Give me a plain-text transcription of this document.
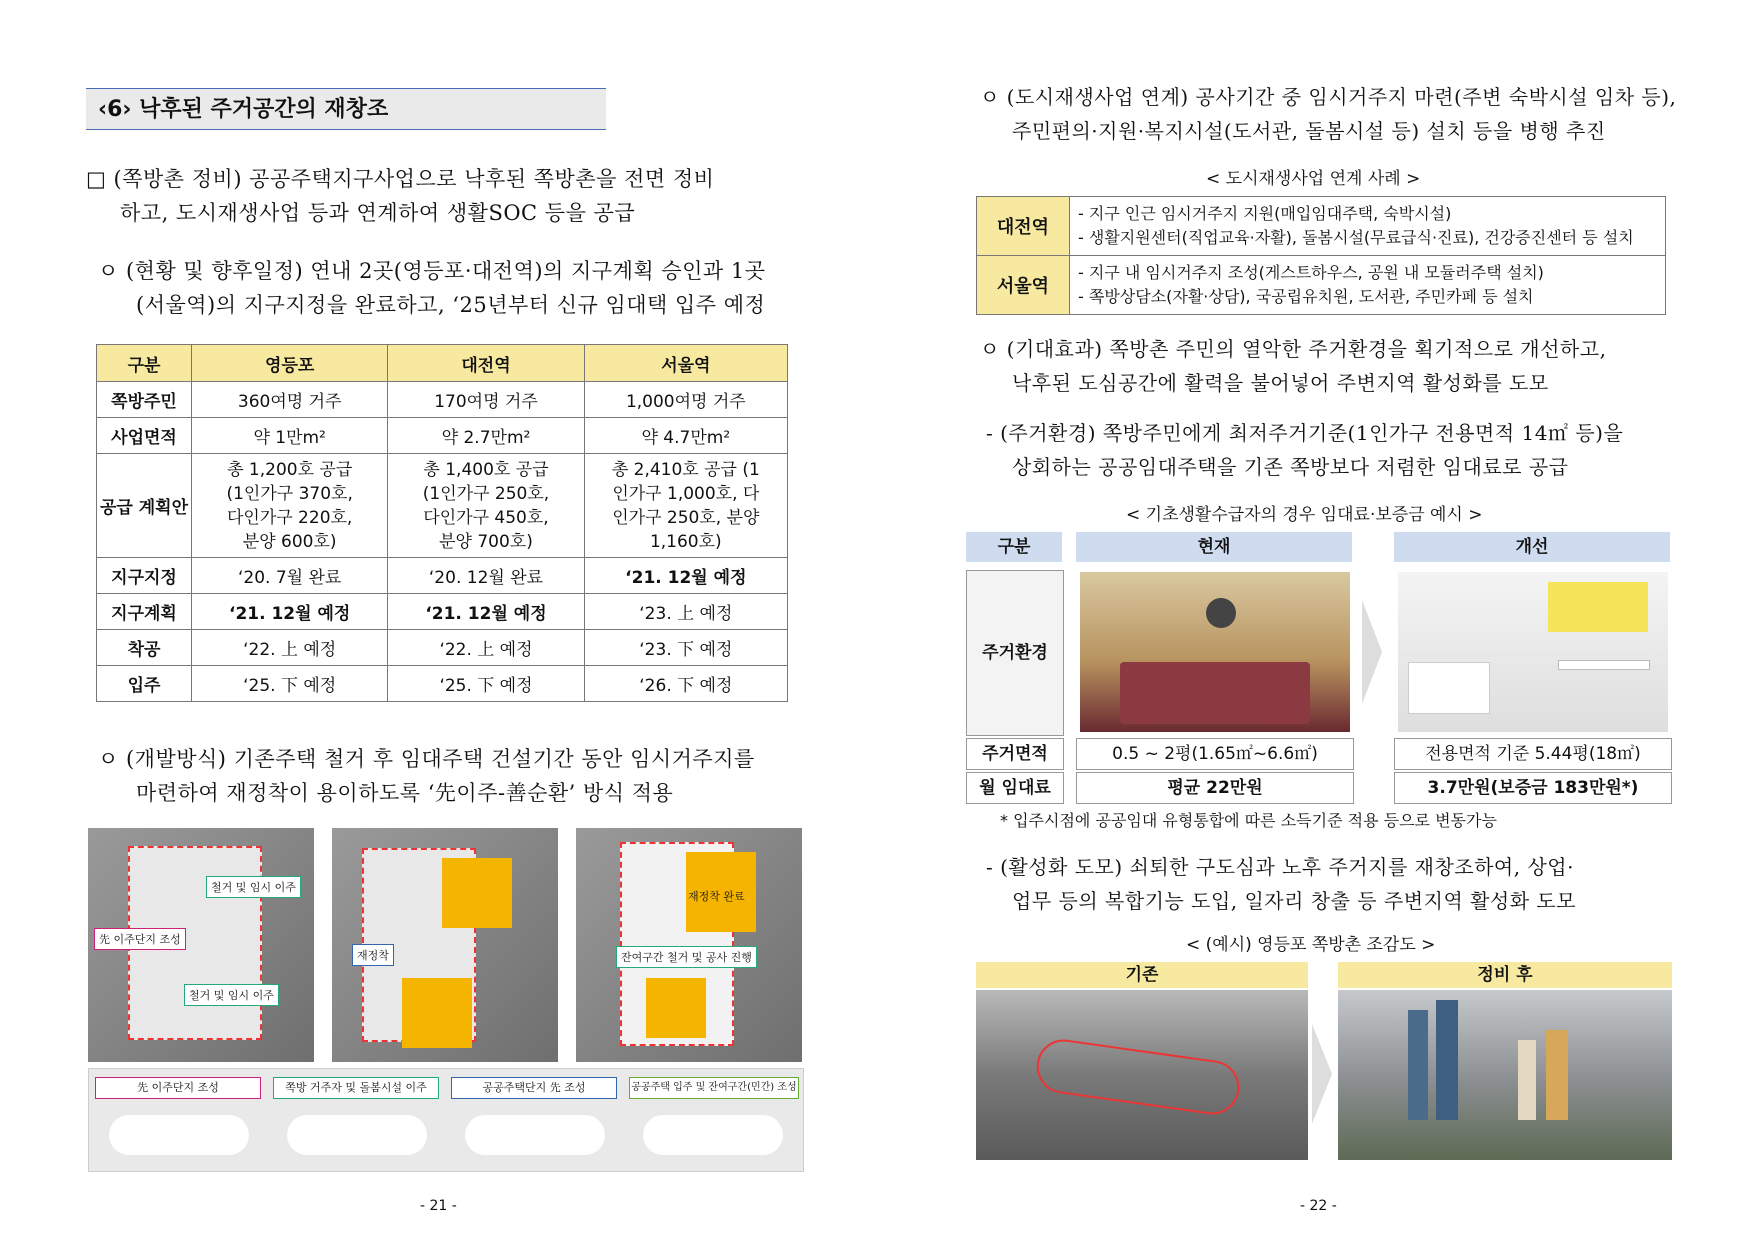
‹6› 낙후된 주거공간의 재창조
□ (쪽방촌 정비) 공공주택지구사업으로 낙후된 쪽방촌을 전면 정비
하고, 도시재생사업 등과 연계하여 생활SOC 등을 공급
ㅇ (현황 및 향후일정) 연내 2곳(영등포·대전역)의 지구계획 승인과 1곳
(서울역)의 지구지정을 완료하고, ‘25년부터 신규 임대택 입주 예정
구분	영등포	대전역	서울역
쪽방주민	360여명 거주	170여명 거주	1,000여명 거주
사업면적	약 1만m²	약 2.7만m²	약 4.7만m²
공급 계획안	총 1,200호 공급 (1인가구 370호, 다인가구 220호, 분양 600호)	총 1,400호 공급 (1인가구 250호, 다인가구 450호, 분양 700호)	총 2,410호 공급 (1인가구 1,000호, 다인가구 250호, 분양 1,160호)
지구지정	‘20. 7월 완료	‘20. 12월 완료	‘21. 12월 예정
지구계획	‘21. 12월 예정	‘21. 12월 예정	‘23. 上 예정
착공	‘22. 上 예정	‘22. 上 예정	‘23. 下 예정
입주	‘25. 下 예정	‘25. 下 예정	‘26. 下 예정
ㅇ (개발방식) 기존주택 철거 후 임대주택 건설기간 동안 임시거주지를
마련하여 재정착이 용이하도록 ‘先이주-善순환’ 방식 적용
철거 및 임시 이주
先 이주단지 조성
철거 및 임시 이주
재정착	잔여구간 철거 및 공사 진행
재정착 완료
先 이주단지 조성	쪽방 거주자 및 돌봄시설 이주	공공주택단지 先 조성	공공주택 입주 및 잔여구간(민간) 조성
- 21 -
ㅇ (도시재생사업 연계) 공사기간 중 임시거주지 마련(주변 숙박시설 임차 등),
주민편의·지원·복지시설(도서관, 돌봄시설 등) 설치 등을 병행 추진
< 도시재생사업 연계 사례 >
대전역	- 지구 인근 임시거주지 지원(매입임대주택, 숙박시설)
- 생활지원센터(직업교육·자활), 돌봄시설(무료급식·진료), 건강증진센터 등 설치

서울역	- 지구 내 임시거주지 조성(게스트하우스, 공원 내 모듈러주택 설치)
- 쪽방상담소(자활·상담), 국공립유치원, 도서관, 주민카페 등 설치
ㅇ (기대효과) 쪽방촌 주민의 열악한 주거환경을 획기적으로 개선하고,
낙후된 도심공간에 활력을 불어넣어 주변지역 활성화를 도모
- (주거환경) 쪽방주민에게 최저주거기준(1인가구 전용면적 14㎡ 등)을
상회하는 공공임대주택을 기존 쪽방보다 저렴한 임대료로 공급
< 기초생활수급자의 경우 임대료·보증금 예시 >
구분	현재	개선
주거환경
주거면적	0.5 ~ 2평(1.65㎡~6.6㎡)	전용면적 기준 5.44평(18㎡)
월 임대료	평균 22만원	3.7만원(보증금 183만원*)
* 입주시점에 공공임대 유형통합에 따른 소득기준 적용 등으로 변동가능
- (활성화 도모) 쇠퇴한 구도심과 노후 주거지를 재창조하여, 상업·
업무 등의 복합기능 도입, 일자리 창출 등 주변지역 활성화 도모
< (예시) 영등포 쪽방촌 조감도 >
기존	정비 후
- 22 -
